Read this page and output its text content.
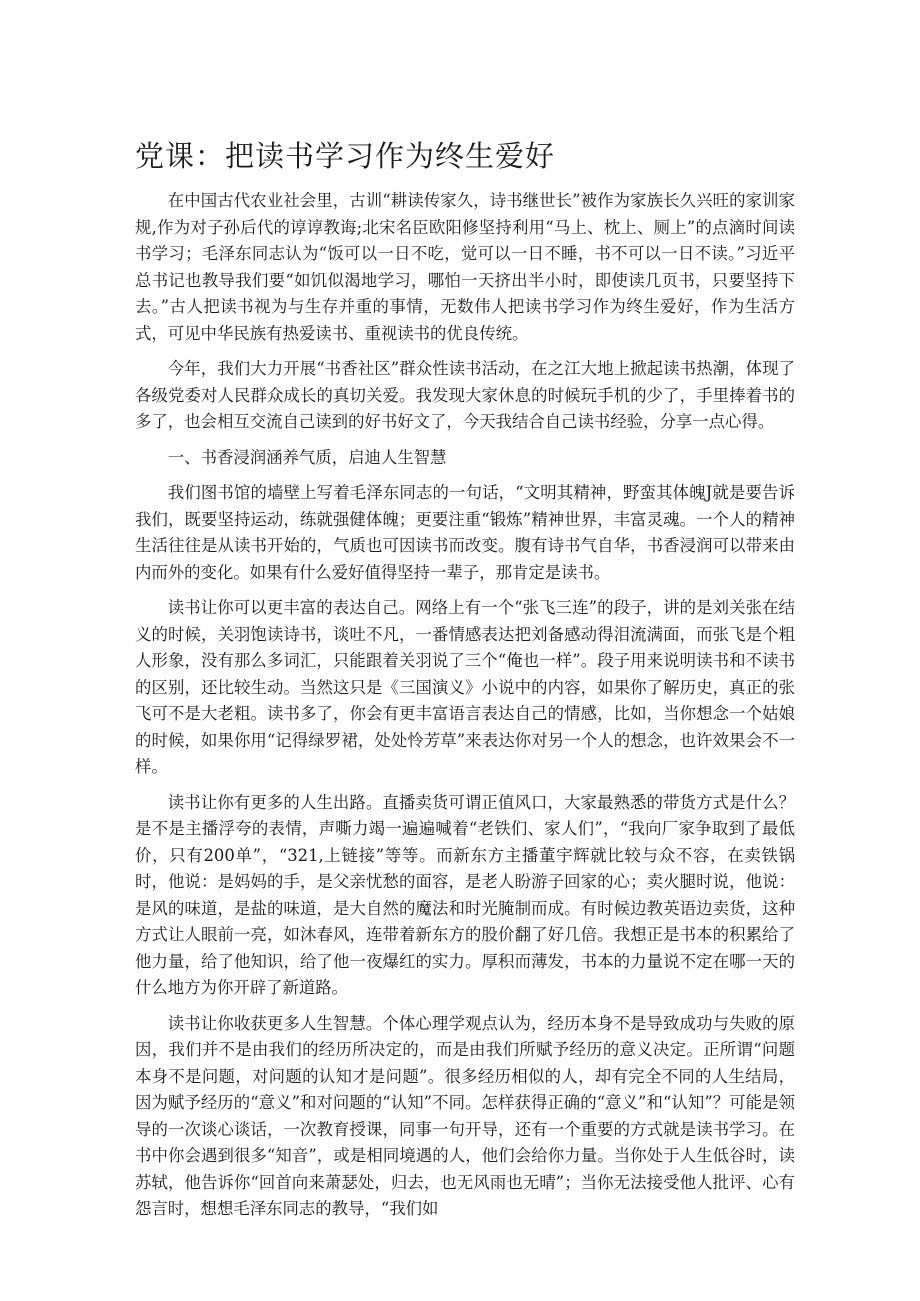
党课：把读书学习作为终生爱好

在中国古代农业社会里，古训“耕读传家久，诗书继世长”被作为家族长久兴旺的家训家规,作为对子孙后代的谆谆教诲;北宋名臣欧阳修坚持利用“马上、枕上、厕上”的点滴时间读书学习；毛泽东同志认为“饭可以一日不吃，觉可以一日不睡，书不可以一日不读。”习近平总书记也教导我们要“如饥似渴地学习，哪怕一天挤出半小时，即使读几页书，只要坚持下去。”古人把读书视为与生存并重的事情，无数伟人把读书学习作为终生爱好，作为生活方式，可见中华民族有热爱读书、重视读书的优良传统。

今年，我们大力开展“书香社区”群众性读书活动，在之江大地上掀起读书热潮，体现了各级党委对人民群众成长的真切关爱。我发现大家休息的时候玩手机的少了，手里捧着书的多了，也会相互交流自己读到的好书好文了，今天我结合自己读书经验，分享一点心得。

一、书香浸润涵养气质，启迪人生智慧

我们图书馆的墙壁上写着毛泽东同志的一句话，“文明其精神，野蛮其体魄J就是要告诉我们，既要坚持运动，练就强健体魄；更要注重“锻炼”精神世界，丰富灵魂。一个人的精神生活往往是从读书开始的，气质也可因读书而改变。腹有诗书气自华，书香浸润可以带来由内而外的变化。如果有什么爱好值得坚持一辈子，那肯定是读书。

读书让你可以更丰富的表达自己。网络上有一个“张飞三连”的段子，讲的是刘关张在结义的时候，关羽饱读诗书，谈吐不凡，一番情感表达把刘备感动得泪流满面，而张飞是个粗人形象，没有那么多词汇，只能跟着关羽说了三个“俺也一样”。段子用来说明读书和不读书的区别，还比较生动。当然这只是《三国演义》小说中的内容，如果你了解历史，真正的张飞可不是大老粗。读书多了，你会有更丰富语言表达自己的情感，比如，当你想念一个姑娘的时候，如果你用“记得绿罗裙，处处怜芳草”来表达你对另一个人的想念，也许效果会不一样。

读书让你有更多的人生出路。直播卖货可谓正值风口，大家最熟悉的带货方式是什么？是不是主播浮夸的表情，声嘶力竭一遍遍喊着“老铁们、家人们”，“我向厂家争取到了最低价，只有200单”，“321,上链接”等等。而新东方主播董宇辉就比较与众不容，在卖铁锅时，他说：是妈妈的手，是父亲忧愁的面容，是老人盼游子回家的心；卖火腿时说，他说：是风的味道，是盐的味道，是大自然的魔法和时光腌制而成。有时候边教英语边卖货，这种方式让人眼前一亮，如沐春风，连带着新东方的股价翻了好几倍。我想正是书本的积累给了他力量，给了他知识，给了他一夜爆红的实力。厚积而薄发，书本的力量说不定在哪一天的什么地方为你开辟了新道路。

读书让你收获更多人生智慧。个体心理学观点认为，经历本身不是导致成功与失败的原因，我们并不是由我们的经历所决定的，而是由我们所赋予经历的意义决定。正所谓“问题本身不是问题，对问题的认知才是问题”。很多经历相似的人，却有完全不同的人生结局，因为赋予经历的“意义”和对问题的“认知”不同。怎样获得正确的“意义”和“认知”？可能是领导的一次谈心谈话，一次教育授课，同事一句开导，还有一个重要的方式就是读书学习。在书中你会遇到很多“知音”，或是相同境遇的人，他们会给你力量。当你处于人生低谷时，读苏轼，他告诉你“回首向来萧瑟处，归去，也无风雨也无晴”；当你无法接受他人批评、心有怨言时，想想毛泽东同志的教导，“我们如
